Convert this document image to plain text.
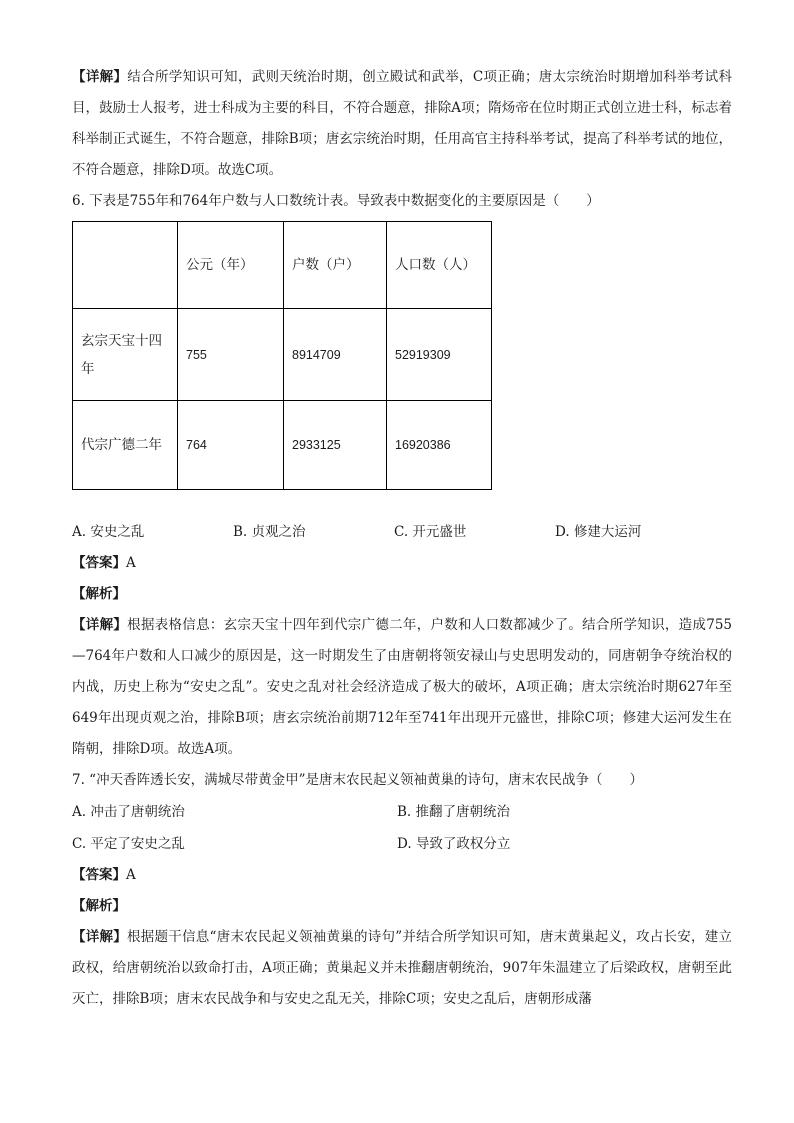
【详解】结合所学知识可知，武则天统治时期，创立殿试和武举，C项正确；唐太宗统治时期增加科举考试科目，鼓励士人报考，进士科成为主要的科目，不符合题意，排除A项；隋炀帝在位时期正式创立进士科，标志着科举制正式诞生，不符合题意，排除B项；唐玄宗统治时期，任用高官主持科举考试，提高了科举考试的地位，不符合题意，排除D项。故选C项。

6. 下表是755年和764年户数与人口数统计表。导致表中数据变化的主要原因是（　　）

	公元（年）	户数（户）	人口数（人）
玄宗天宝十四年	755	8914709	52919309
代宗广德二年	764	2933125	16920386
A. 安史之乱	B. 贞观之治	C. 开元盛世	D. 修建大运河

【答案】A

【解析】

【详解】根据表格信息：玄宗天宝十四年到代宗广德二年，户数和人口数都减少了。结合所学知识，造成755—764年户数和人口减少的原因是，这一时期发生了由唐朝将领安禄山与史思明发动的，同唐朝争夺统治权的内战，历史上称为“安史之乱”。安史之乱对社会经济造成了极大的破坏，A项正确；唐太宗统治时期627年至649年出现贞观之治，排除B项；唐玄宗统治前期712年至741年出现开元盛世，排除C项；修建大运河发生在隋朝，排除D项。故选A项。

7. “冲天香阵透长安，满城尽带黄金甲”是唐末农民起义领袖黄巢的诗句，唐末农民战争（　　）

A. 冲击了唐朝统治	B. 推翻了唐朝统治
C. 平定了安史之乱	D. 导致了政权分立

【答案】A

【解析】

【详解】根据题干信息“唐末农民起义领袖黄巢的诗句”并结合所学知识可知，唐末黄巢起义，攻占长安，建立政权，给唐朝统治以致命打击，A项正确；黄巢起义并未推翻唐朝统治，907年朱温建立了后梁政权，唐朝至此灭亡，排除B项；唐末农民战争和与安史之乱无关，排除C项；安史之乱后，唐朝形成藩
